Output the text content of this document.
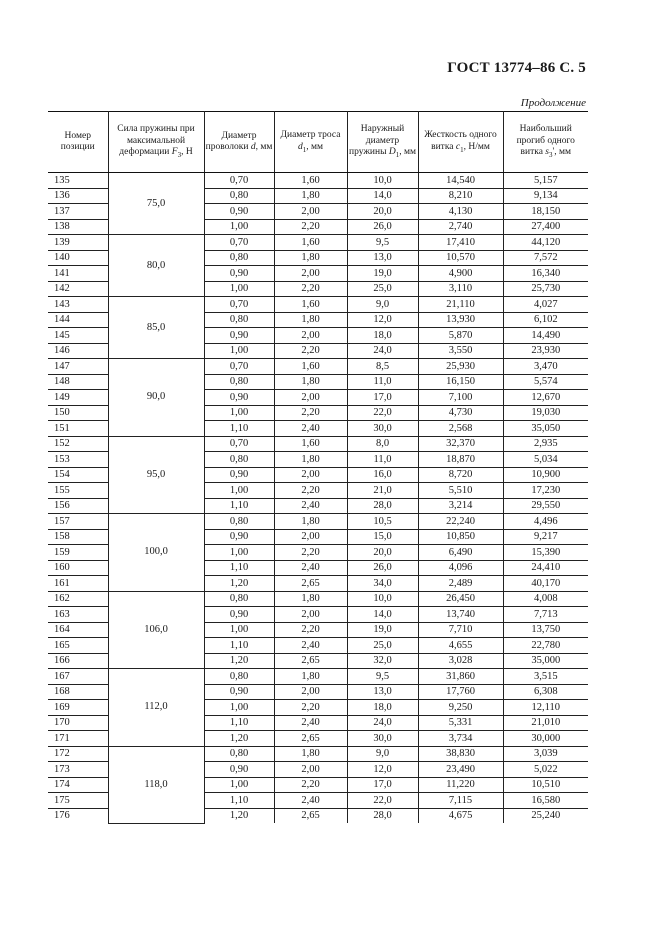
ГОСТ 13774–86 С. 5
Продолжение
Номер позиции	Сила пружины при максимальной деформации $F_3$, Н	Диаметр проволоки d, мм	Диаметр троса $d_1$, мм	Наружный диаметр пружины $D_1$, мм	Жесткость одного витка $c_1$, Н/мм	Наибольший прогиб одного витка $s_3'$, мм
135	75,0	0,70	1,60	10,0	14,540	5,157
136		0,80	1,80	14,0	8,210	9,134
137		0,90	2,00	20,0	4,130	18,150
138		1,00	2,20	26,0	2,740	27,400
139	80,0	0,70	1,60	9,5	17,410	44,120
140		0,80	1,80	13,0	10,570	7,572
141		0,90	2,00	19,0	4,900	16,340
142		1,00	2,20	25,0	3,110	25,730
143	85,0	0,70	1,60	9,0	21,110	4,027
144		0,80	1,80	12,0	13,930	6,102
145		0,90	2,00	18,0	5,870	14,490
146		1,00	2,20	24,0	3,550	23,930
147	90,0	0,70	1,60	8,5	25,930	3,470
148		0,80	1,80	11,0	16,150	5,574
149		0,90	2,00	17,0	7,100	12,670
150		1,00	2,20	22,0	4,730	19,030
151		1,10	2,40	30,0	2,568	35,050
152	95,0	0,70	1,60	8,0	32,370	2,935
153		0,80	1,80	11,0	18,870	5,034
154		0,90	2,00	16,0	8,720	10,900
155		1,00	2,20	21,0	5,510	17,230
156		1,10	2,40	28,0	3,214	29,550
157	100,0	0,80	1,80	10,5	22,240	4,496
158		0,90	2,00	15,0	10,850	9,217
159		1,00	2,20	20,0	6,490	15,390
160		1,10	2,40	26,0	4,096	24,410
161		1,20	2,65	34,0	2,489	40,170
162	106,0	0,80	1,80	10,0	26,450	4,008
163		0,90	2,00	14,0	13,740	7,713
164		1,00	2,20	19,0	7,710	13,750
165		1,10	2,40	25,0	4,655	22,780
166		1,20	2,65	32,0	3,028	35,000
167	112,0	0,80	1,80	9,5	31,860	3,515
168		0,90	2,00	13,0	17,760	6,308
169		1,00	2,20	18,0	9,250	12,110
170		1,10	2,40	24,0	5,331	21,010
171		1,20	2,65	30,0	3,734	30,000
172	118,0	0,80	1,80	9,0	38,830	3,039
173		0,90	2,00	12,0	23,490	5,022
174		1,00	2,20	17,0	11,220	10,510
175		1,10	2,40	22,0	7,115	16,580
176		1,20	2,65	28,0	4,675	25,240
